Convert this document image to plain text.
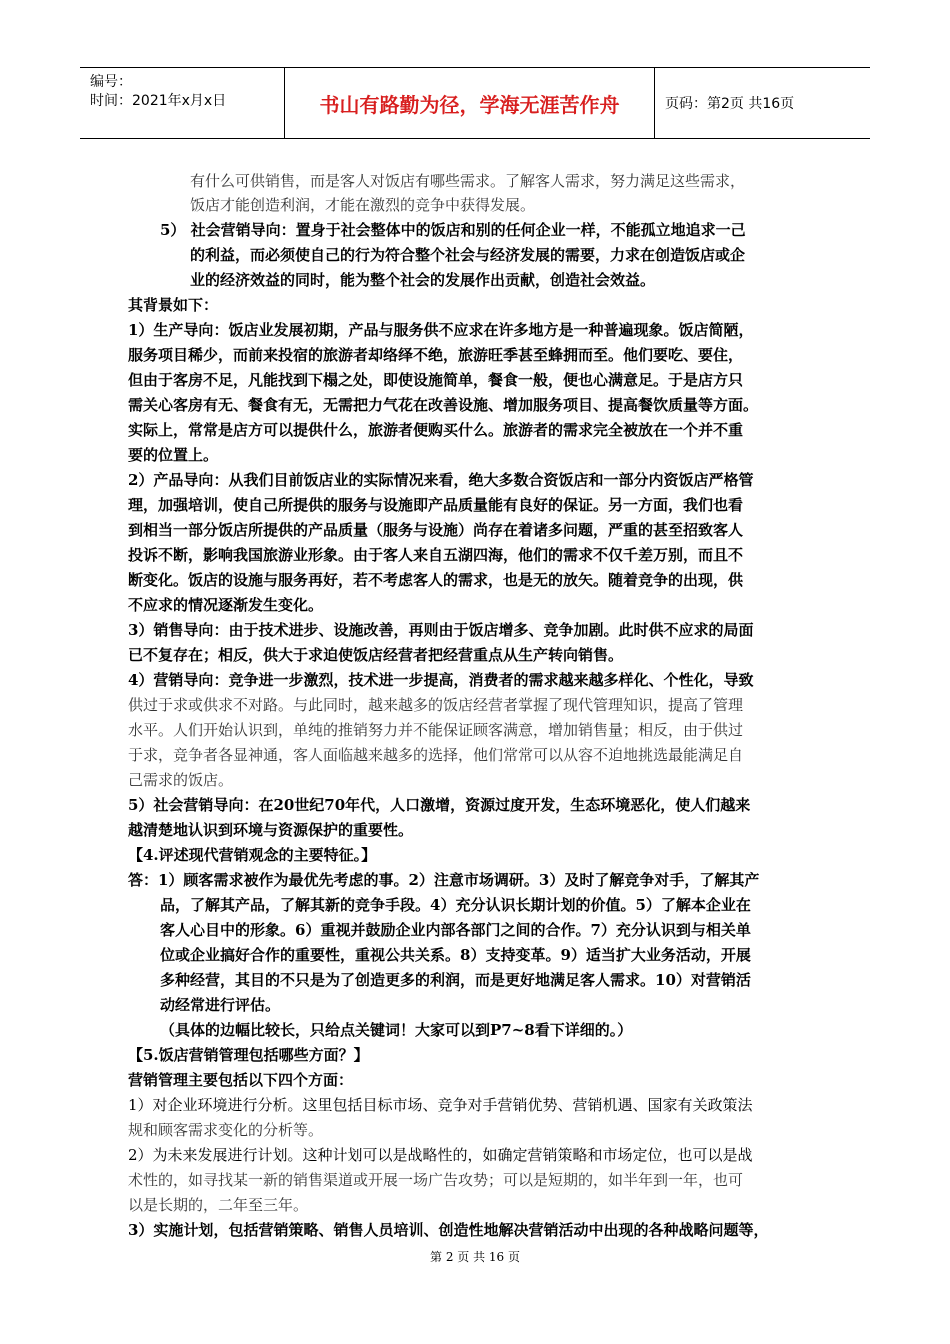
编号：
时间：2021年x月x日	书山有路勤为径，学海无涯苦作舟	页码：第2页 共16页
有什么可供销售，而是客人对饭店有哪些需求。了解客人需求，努力满足这些需求，
饭店才能创造利润，才能在激烈的竞争中获得发展。
5） 社会营销导向：置身于社会整体中的饭店和别的任何企业一样，不能孤立地追求一己
的利益，而必须使自己的行为符合整个社会与经济发展的需要，力求在创造饭店或企
业的经济效益的同时，能为整个社会的发展作出贡献，创造社会效益。
其背景如下：
1）生产导向：饭店业发展初期，产品与服务供不应求在许多地方是一种普遍现象。饭店简陋，
服务项目稀少，而前来投宿的旅游者却络绎不绝，旅游旺季甚至蜂拥而至。他们要吃、要住，
但由于客房不足，凡能找到下榻之处，即使设施简单，餐食一般，便也心满意足。于是店方只
需关心客房有无、餐食有无，无需把力气花在改善设施、增加服务项目、提高餐饮质量等方面。
实际上，常常是店方可以提供什么，旅游者便购买什么。旅游者的需求完全被放在一个并不重
要的位置上。
2）产品导向：从我们目前饭店业的实际情况来看，绝大多数合资饭店和一部分内资饭店严格管
理，加强培训，使自己所提供的服务与设施即产品质量能有良好的保证。另一方面，我们也看
到相当一部分饭店所提供的产品质量（服务与设施）尚存在着诸多问题，严重的甚至招致客人
投诉不断，影响我国旅游业形象。由于客人来自五湖四海，他们的需求不仅千差万别，而且不
断变化。饭店的设施与服务再好，若不考虑客人的需求，也是无的放矢。随着竞争的出现，供
不应求的情况逐渐发生变化。
3）销售导向：由于技术进步、设施改善，再则由于饭店增多、竞争加剧。此时供不应求的局面
已不复存在；相反，供大于求迫使饭店经营者把经营重点从生产转向销售。
4）营销导向：竞争进一步激烈，技术进一步提高，消费者的需求越来越多样化、个性化，导致
供过于求或供求不对路。与此同时，越来越多的饭店经营者掌握了现代管理知识，提高了管理
水平。人们开始认识到，单纯的推销努力并不能保证顾客满意，增加销售量；相反，由于供过
于求，竞争者各显神通，客人面临越来越多的选择，他们常常可以从容不迫地挑选最能满足自
己需求的饭店。
5）社会营销导向：在20世纪70年代，人口激增，资源过度开发，生态环境恶化，使人们越来
越清楚地认识到环境与资源保护的重要性。
【4.评述现代营销观念的主要特征。】
答：1）顾客需求被作为最优先考虑的事。2）注意市场调研。3）及时了解竞争对手，了解其产
品，了解其产品，了解其新的竞争手段。4）充分认识长期计划的价值。5）了解本企业在
客人心目中的形象。6）重视并鼓励企业内部各部门之间的合作。7）充分认识到与相关单
位或企业搞好合作的重要性，重视公共关系。8）支持变革。9）适当扩大业务活动，开展
多种经营，其目的不只是为了创造更多的利润，而是更好地满足客人需求。10）对营销活
动经常进行评估。
（具体的边幅比较长，只给点关键词！大家可以到P7~8看下详细的。）
【5.饭店营销管理包括哪些方面？】
营销管理主要包括以下四个方面：
1）对企业环境进行分析。这里包括目标市场、竞争对手营销优势、营销机遇、国家有关政策法
规和顾客需求变化的分析等。
2）为未来发展进行计划。这种计划可以是战略性的，如确定营销策略和市场定位，也可以是战
术性的，如寻找某一新的销售渠道或开展一场广告攻势；可以是短期的，如半年到一年，也可
以是长期的，二年至三年。
3）实施计划，包括营销策略、销售人员培训、创造性地解决营销活动中出现的各种战略问题等，
第 2 页 共 16 页
